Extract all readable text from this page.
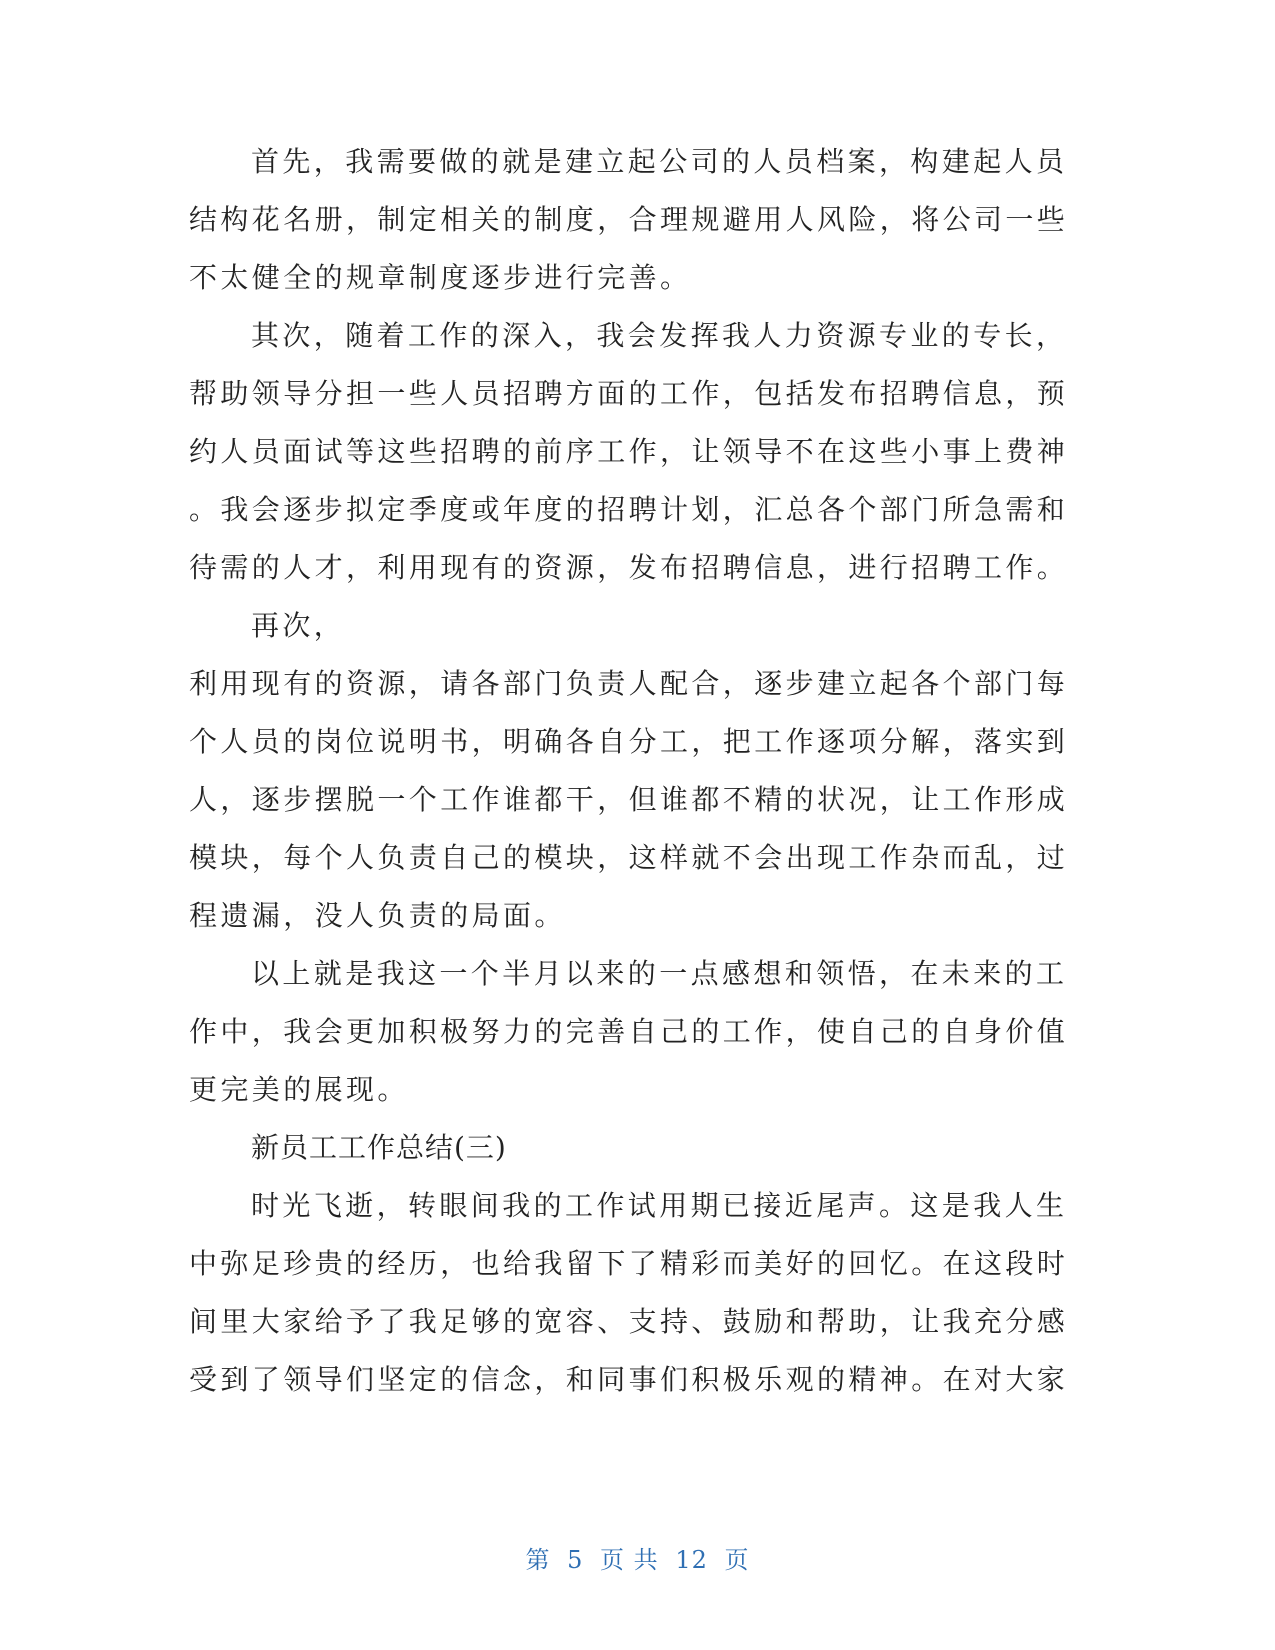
首先，我需要做的就是建立起公司的人员档案，构建起人员
结构花名册，制定相关的制度，合理规避用人风险，将公司一些
不太健全的规章制度逐步进行完善。
其次，随着工作的深入，我会发挥我人力资源专业的专长，
帮助领导分担一些人员招聘方面的工作，包括发布招聘信息，预
约人员面试等这些招聘的前序工作，让领导不在这些小事上费神
。我会逐步拟定季度或年度的招聘计划，汇总各个部门所急需和
待需的人才，利用现有的资源，发布招聘信息，进行招聘工作。
再次，
利用现有的资源，请各部门负责人配合，逐步建立起各个部门每
个人员的岗位说明书，明确各自分工，把工作逐项分解，落实到
人，逐步摆脱一个工作谁都干，但谁都不精的状况，让工作形成
模块，每个人负责自己的模块，这样就不会出现工作杂而乱，过
程遗漏，没人负责的局面。
以上就是我这一个半月以来的一点感想和领悟，在未来的工
作中，我会更加积极努力的完善自己的工作，使自己的自身价值
更完美的展现。
新员工工作总结(三)
时光飞逝，转眼间我的工作试用期已接近尾声。这是我人生
中弥足珍贵的经历，也给我留下了精彩而美好的回忆。在这段时
间里大家给予了我足够的宽容、支持、鼓励和帮助，让我充分感
受到了领导们坚定的信念，和同事们积极乐观的精神。在对大家
第 5 页 共 12 页
